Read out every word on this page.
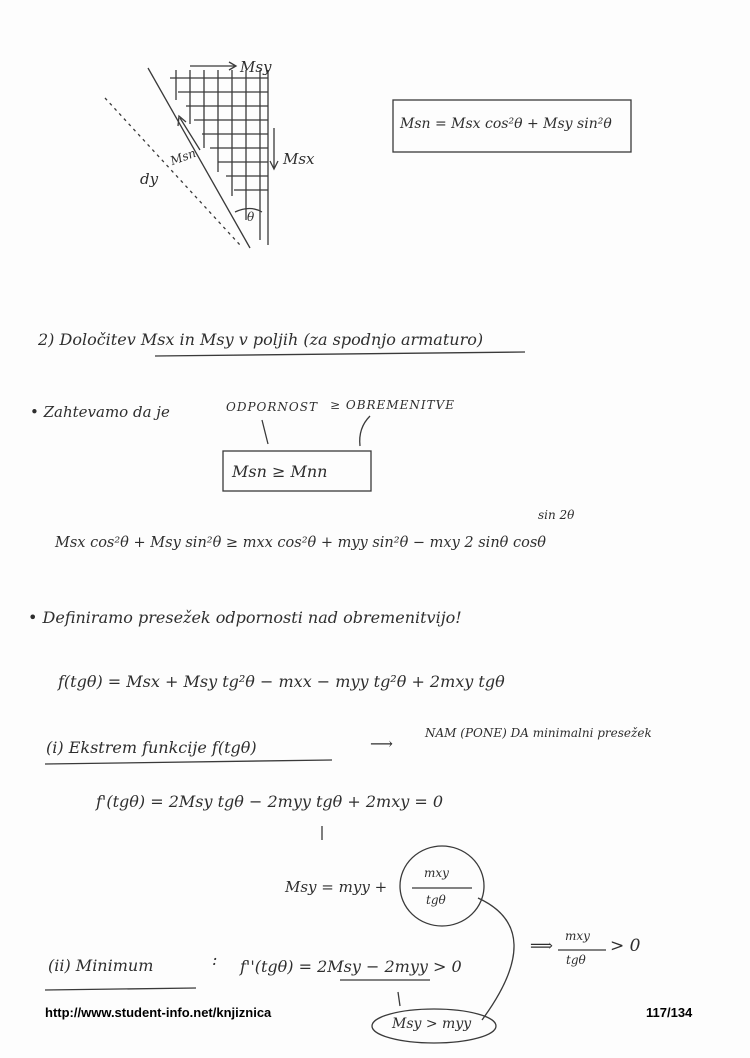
Msy
Msn	Msx
dy
θ
Msn = Msx cos²θ + Msy sin²θ
2) Določitev Msx in Msy v poljih (za spodnjo armaturo)
• Zahtevamo da je	ODPORNOST ≥ OBREMENITVE
Msn ≥ Mnn
sin 2θ
Msx cos²θ + Msy sin²θ ≥ mxx cos²θ + myy sin²θ − mxy 2 sinθ cosθ
• Definiramo presežek odpornosti nad obremenitvijo!
f(tgθ) = Msx + Msy tg²θ − mxx − myy tg²θ + 2mxy tgθ
(i) Ekstrem funkcije f(tgθ)	⟶
NAM (PONE) DA minimalni presežek
f'(tgθ) = 2Msy tgθ − 2myy tgθ + 2mxy = 0
Msy = myy +
mxy
tgθ
(ii) Minimum	: f''(tgθ) = 2Msy − 2myy > 0
⟹ mxy
tgθ
> 0
Msy > myy
http://www.student-info.net/knjiznica	117/134
